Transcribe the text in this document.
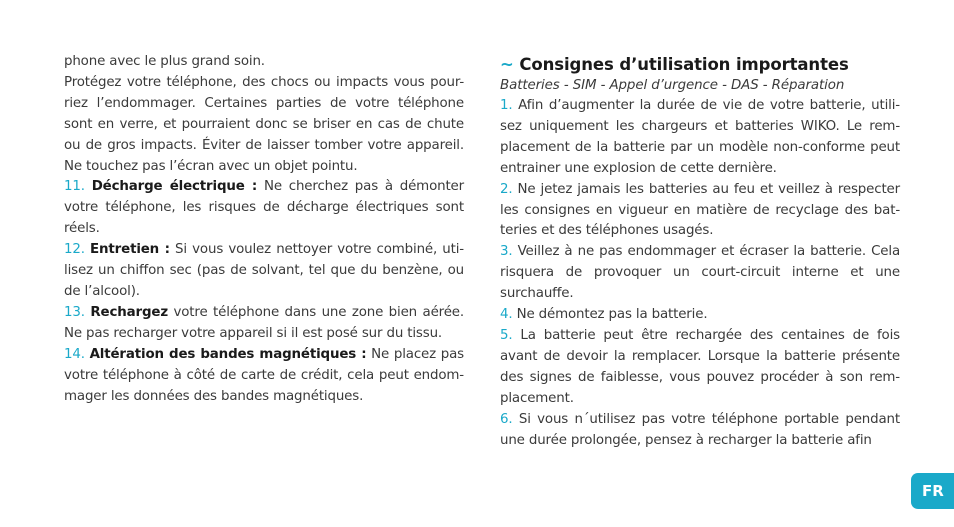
phone avec le plus grand soin.

Protégez votre téléphone, des chocs ou impacts vous pour-riez l’endommager. Certaines parties de votre téléphone sont en verre, et pourraient donc se briser en cas de chute ou de gros impacts. Éviter de laisser tomber votre appareil. Ne touchez pas l’écran avec un objet pointu.

11. Décharge électrique : Ne cherchez pas à démonter votre téléphone, les risques de décharge électriques sont réels.

12. Entretien : Si vous voulez nettoyer votre combiné, uti-lisez un chiffon sec (pas de solvant, tel que du benzène, ou de l’alcool).

13. Rechargez votre téléphone dans une zone bien aérée. Ne pas recharger votre appareil si il est posé sur du tissu.

14. Altération des bandes magnétiques : Ne placez pas votre téléphone à côté de carte de crédit, cela peut endom-mager les données des bandes magnétiques.

~ Consignes d’utilisation importantes

Batteries - SIM - Appel d’urgence - DAS - Réparation

1. Afin d’augmenter la durée de vie de votre batterie, utili-sez uniquement les chargeurs et batteries WIKO. Le rem-placement de la batterie par un modèle non-conforme peut entrainer une explosion de cette dernière.

2. Ne jetez jamais les batteries au feu et veillez à respecter les consignes en vigueur en matière de recyclage des bat-teries et des téléphones usagés.

3. Veillez à ne pas endommager et écraser la batterie. Cela risquera de provoquer un court-circuit interne et une surchauffe.

4. Ne démontez pas la batterie.

5. La batterie peut être rechargée des centaines de fois avant de devoir la remplacer. Lorsque la batterie présente des signes de faiblesse, vous pouvez procéder à son rem-placement.

6. Si vous n´utilisez pas votre téléphone portable pendant une durée prolongée, pensez à recharger la batterie afin

FR
